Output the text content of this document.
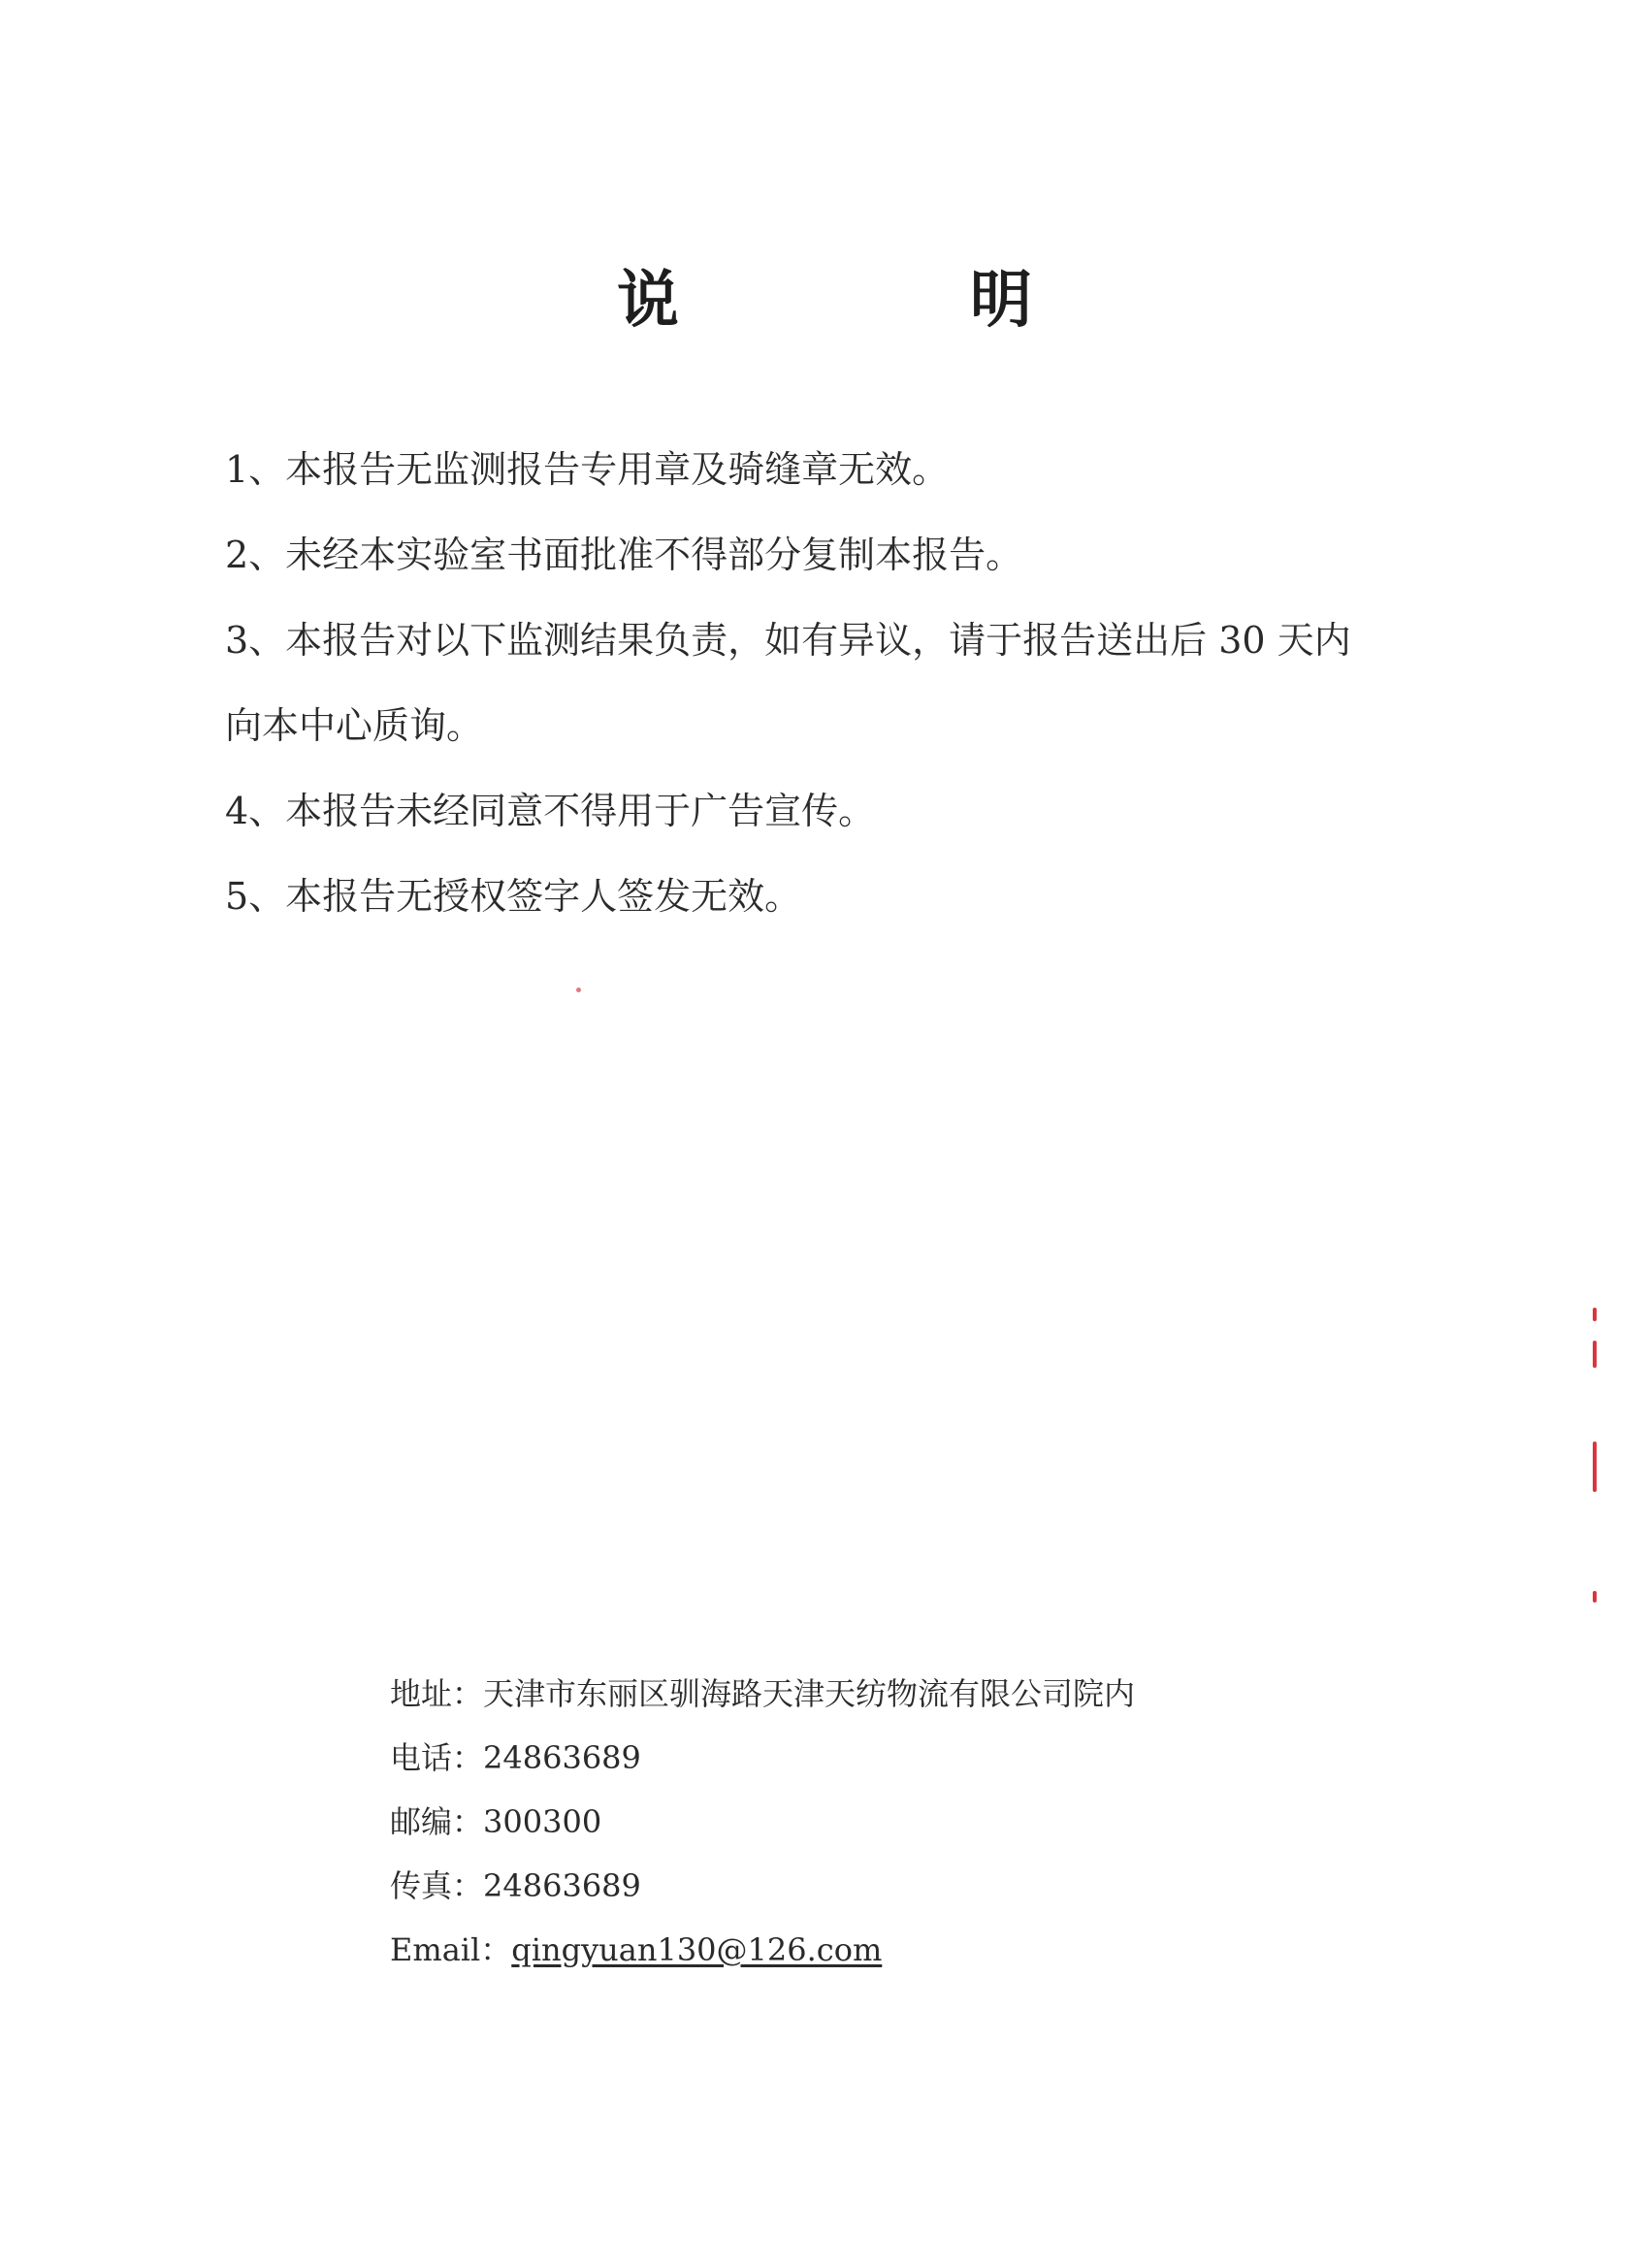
说	明
1、本报告无监测报告专用章及骑缝章无效。
2、未经本实验室书面批准不得部分复制本报告。
3、本报告对以下监测结果负责，如有异议，请于报告送出后 30 天内
向本中心质询。
4、本报告未经同意不得用于广告宣传。
5、本报告无授权签字人签发无效。
地址：天津市东丽区驯海路天津天纺物流有限公司院内
电话：24863689
邮编：300300
传真：24863689
Email：qingyuan130@126.com
